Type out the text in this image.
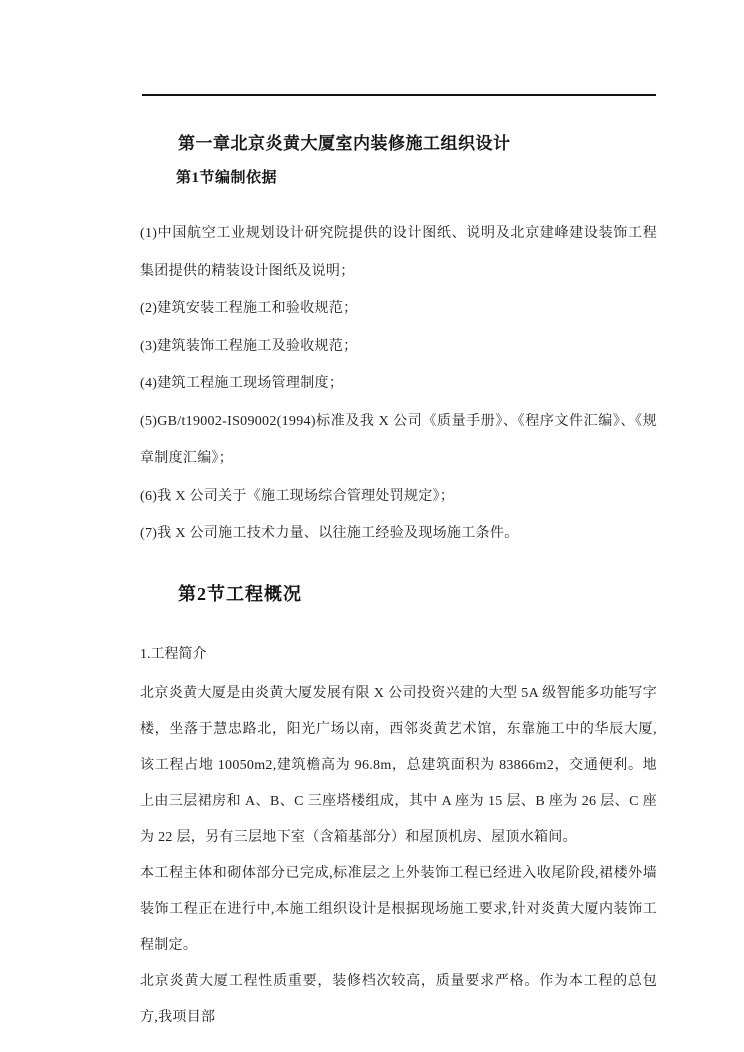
第一章北京炎黄大厦室内装修施工组织设计
第1节编制依据

(1)中国航空工业规划设计研究院提供的设计图纸、说明及北京建峰建设装饰工程集团提供的精装设计图纸及说明；

(2)建筑安装工程施工和验收规范；

(3)建筑装饰工程施工及验收规范；

(4)建筑工程施工现场管理制度；

(5)GB/t19002-IS09002(1994)标准及我 X 公司《质量手册》、《程序文件汇编》、《规章制度汇编》；

(6)我 X 公司关于《施工现场综合管理处罚规定》；

(7)我 X 公司施工技术力量、以往施工经验及现场施工条件。

第2节工程概况

1.工程简介

北京炎黄大厦是由炎黄大厦发展有限 X 公司投资兴建的大型 5A 级智能多功能写字楼，坐落于慧忠路北，阳光广场以南，西邻炎黄艺术馆，东靠施工中的华辰大厦,该工程占地 10050m2,建筑檐高为 96.8m，总建筑面积为 83866m2，交通便利。地上由三层裙房和 A、B、C 三座塔楼组成，其中 A 座为 15 层、B 座为 26 层、C 座为 22 层，另有三层地下室（含箱基部分）和屋顶机房、屋顶水箱间。

本工程主体和砌体部分已完成,标准层之上外装饰工程已经进入收尾阶段,裙楼外墙装饰工程正在进行中,本施工组织设计是根据现场施工要求,针对炎黄大厦内装饰工程制定。

北京炎黄大厦工程性质重要，装修档次较高，质量要求严格。作为本工程的总包方,我项目部
